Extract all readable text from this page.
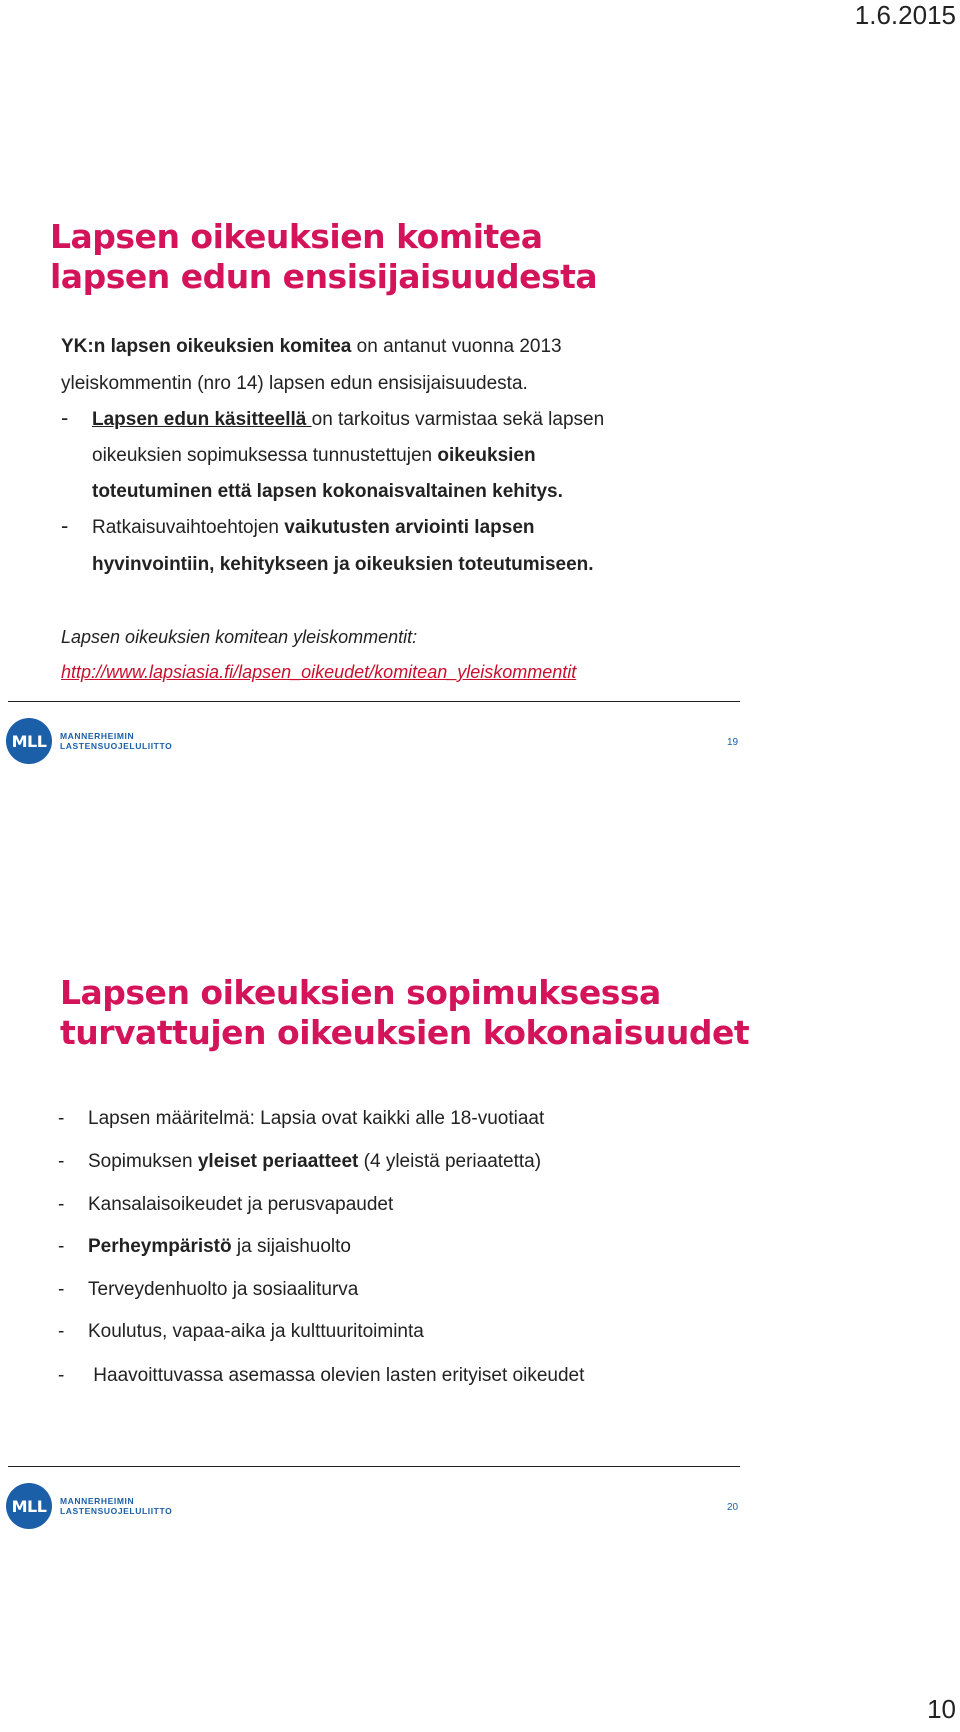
1.6.2015
Lapsen oikeuksien komitea
lapsen edun ensisijaisuudesta
YK:n lapsen oikeuksien komitea on antanut vuonna 2013
yleiskommentin (nro 14) lapsen edun ensisijaisuudesta.
- Lapsen edun käsitteellä on tarkoitus varmistaa sekä lapsen
oikeuksien sopimuksessa tunnustettujen oikeuksien
toteutuminen että lapsen kokonaisvaltainen kehitys.
- Ratkaisuvaihtoehtojen vaikutusten arviointi lapsen
hyvinvointiin, kehitykseen ja oikeuksien toteutumiseen.
Lapsen oikeuksien komitean yleiskommentit:
http://www.lapsiasia.fi/lapsen_oikeudet/komitean_yleiskommentit
MLL	MANNERHEIMIN
LASTENSUOJELULIITTO	19
Lapsen oikeuksien sopimuksessa
turvattujen oikeuksien kokonaisuudet
- Lapsen määritelmä: Lapsia ovat kaikki alle 18-vuotiaat
- Sopimuksen yleiset periaatteet (4 yleistä periaatetta)
- Kansalaisoikeudet ja perusvapaudet
- Perheympäristö ja sijaishuolto
- Terveydenhuolto ja sosiaaliturva
- Koulutus, vapaa-aika ja kulttuuritoiminta
- Haavoittuvassa asemassa olevien lasten erityiset oikeudet
MLL	MANNERHEIMIN
LASTENSUOJELULIITTO	20
10
